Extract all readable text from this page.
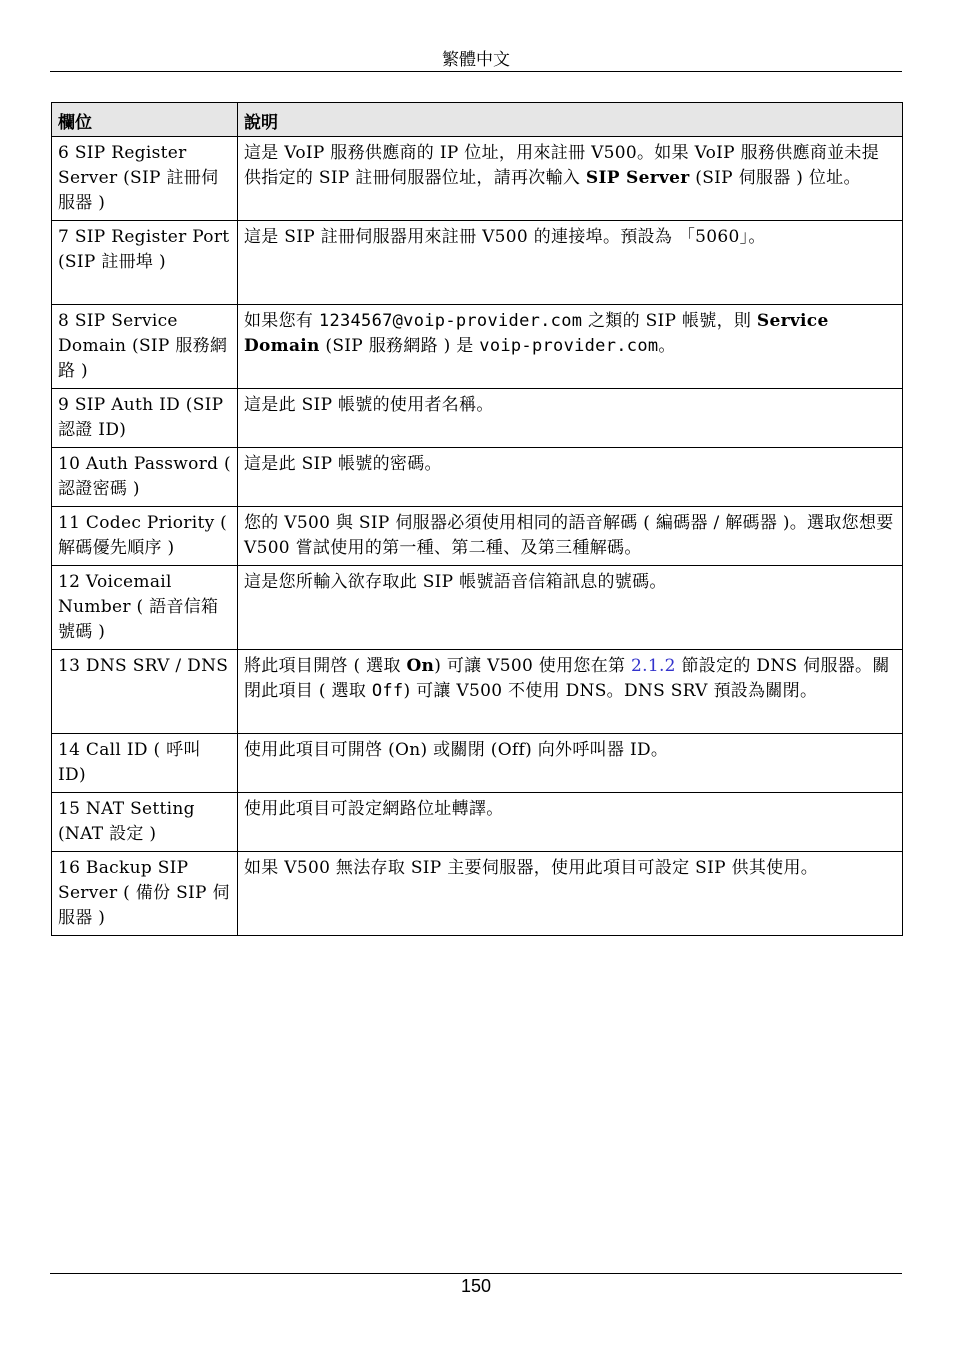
繁體中文
欄位	說明
6 SIP Register Server (SIP 註冊伺服器 )	這是 VoIP 服務供應商的 IP 位址，用來註冊 V500。如果 VoIP 服務供應商並未提供指定的 SIP 註冊伺服器位址，請再次輸入 SIP Server (SIP 伺服器 ) 位址。
7 SIP Register Port (SIP 註冊埠 )	這是 SIP 註冊伺服器用來註冊 V500 的連接埠。預設為 「5060」。
8 SIP Service Domain (SIP 服務網路 )	如果您有 1234567@voip-provider.com 之類的 SIP 帳號，則 Service Domain (SIP 服務網路 ) 是 voip-provider.com。
9 SIP Auth ID (SIP 認證 ID)	這是此 SIP 帳號的使用者名稱。
10 Auth Password ( 認證密碼 )	這是此 SIP 帳號的密碼。
11 Codec Priority ( 解碼優先順序 )	您的 V500 與 SIP 伺服器必須使用相同的語音解碼 ( 編碼器 / 解碼器 )。選取您想要 V500 嘗試使用的第一種、第二種、及第三種解碼。
12 Voicemail Number ( 語音信箱號碼 )	這是您所輸入欲存取此 SIP 帳號語音信箱訊息的號碼。
13 DNS SRV / DNS	將此項目開啓 ( 選取 On) 可讓 V500 使用您在第 2.1.2 節設定的 DNS 伺服器。關閉此項目 ( 選取 Off) 可讓 V500 不使用 DNS。DNS SRV 預設為關閉。
14 Call ID ( 呼叫 ID)	使用此項目可開啓 (On) 或關閉 (Off) 向外呼叫器 ID。
15 NAT Setting (NAT 設定 )	使用此項目可設定網路位址轉譯。
16 Backup SIP Server ( 備份 SIP 伺服器 )	如果 V500 無法存取 SIP 主要伺服器，使用此項目可設定 SIP 供其使用。
150
